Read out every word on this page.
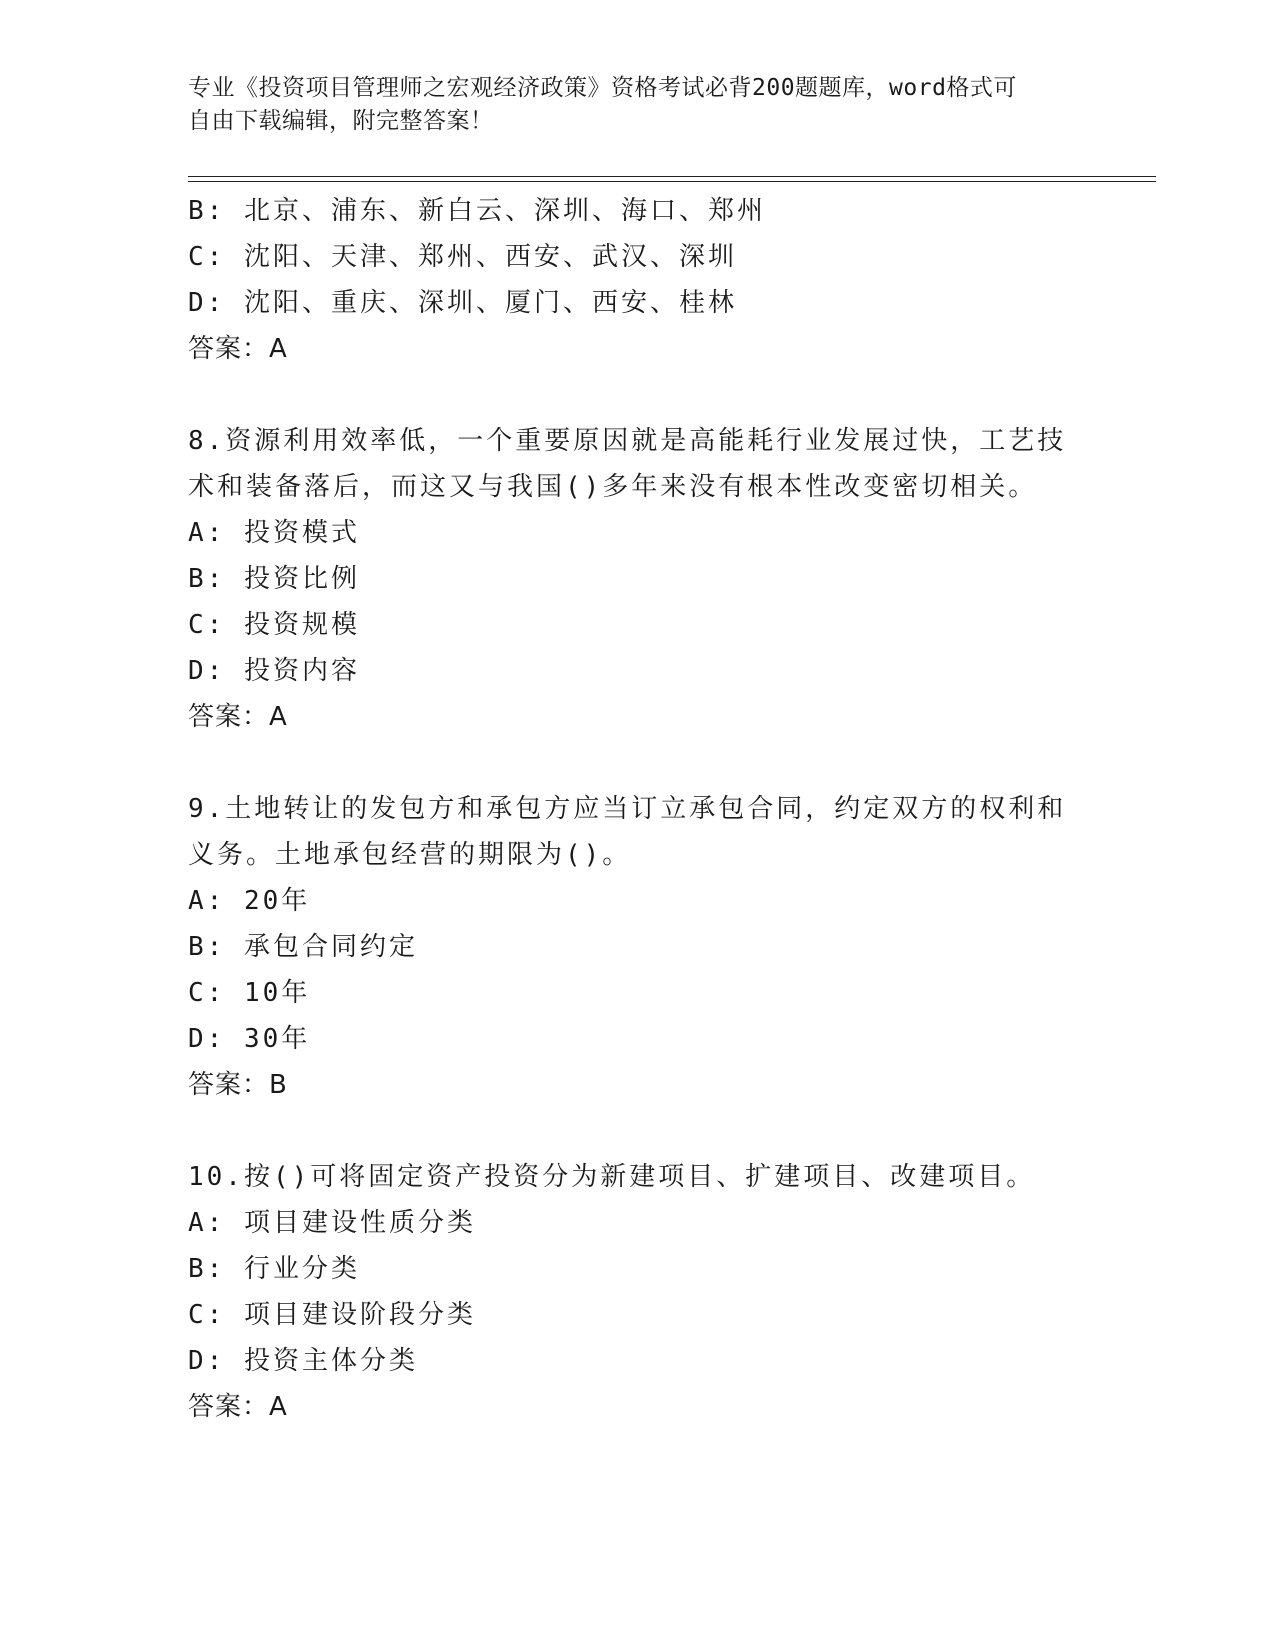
专业《投资项目管理师之宏观经济政策》资格考试必背200题题库，word格式可
自由下载编辑，附完整答案！
B: 北京、浦东、新白云、深圳、海口、郑州
C: 沈阳、天津、郑州、西安、武汉、深圳
D: 沈阳、重庆、深圳、厦门、西安、桂林
答案：A
8.资源利用效率低，一个重要原因就是高能耗行业发展过快，工艺技
术和装备落后，而这又与我国()多年来没有根本性改变密切相关。
A: 投资模式
B: 投资比例
C: 投资规模
D: 投资内容
答案：A
9.土地转让的发包方和承包方应当订立承包合同，约定双方的权利和
义务。土地承包经营的期限为()。
A: 20年
B: 承包合同约定
C: 10年
D: 30年
答案：B
10.按()可将固定资产投资分为新建项目、扩建项目、改建项目。
A: 项目建设性质分类
B: 行业分类
C: 项目建设阶段分类
D: 投资主体分类
答案：A
